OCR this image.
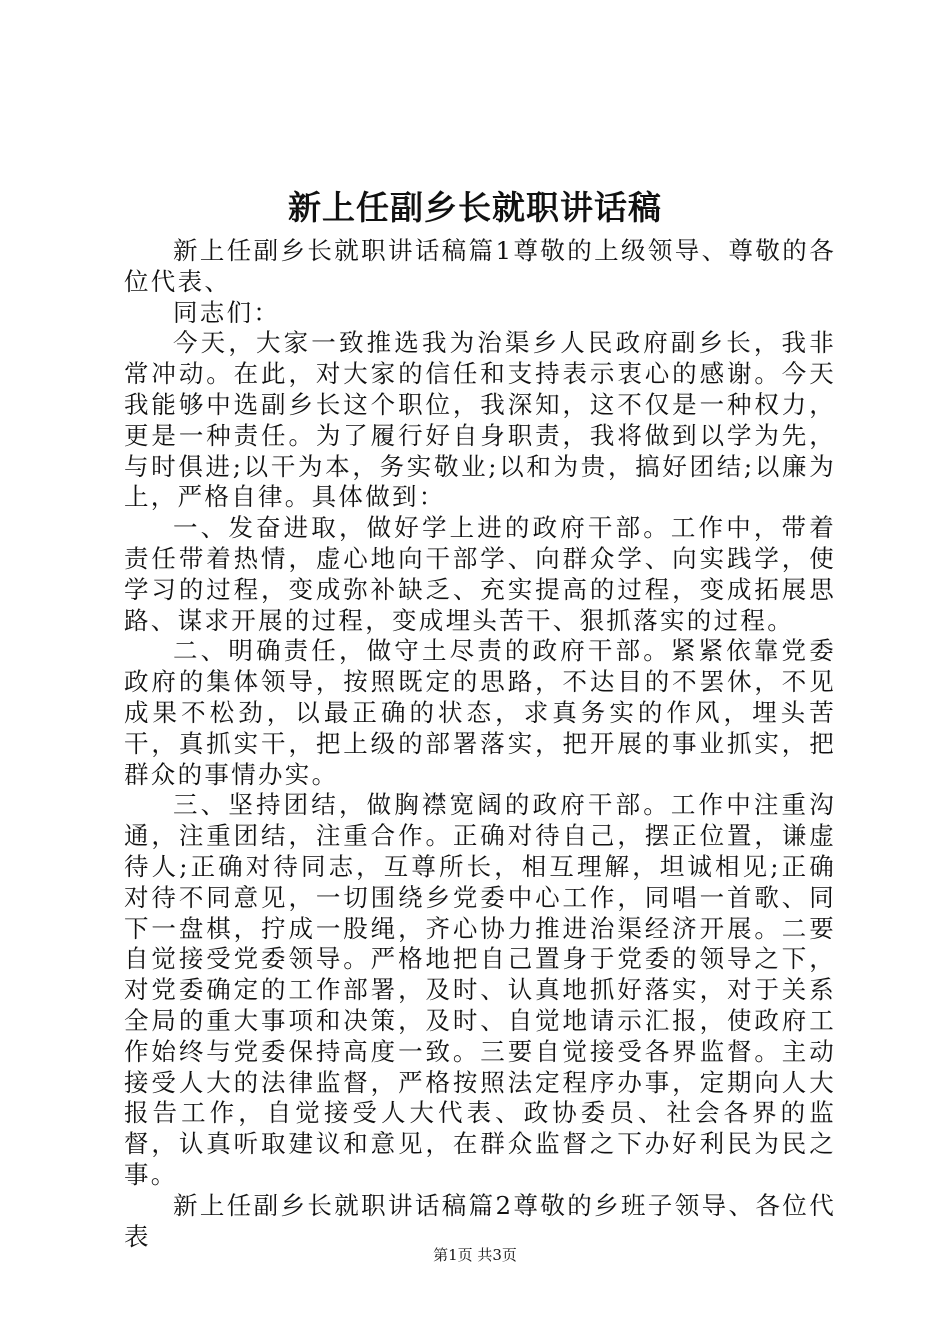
新上任副乡长就职讲话稿

新上任副乡长就职讲话稿篇1尊敬的上级领导、尊敬的各位代表、

同志们：

今天，大家一致推选我为治渠乡人民政府副乡长，我非常冲动。在此，对大家的信任和支持表示衷心的感谢。今天我能够中选副乡长这个职位，我深知，这不仅是一种权力，更是一种责任。为了履行好自身职责，我将做到以学为先，与时俱进;以干为本，务实敬业;以和为贵，搞好团结;以廉为上，严格自律。具体做到：

一、发奋进取，做好学上进的政府干部。工作中，带着责任带着热情，虚心地向干部学、向群众学、向实践学，使学习的过程，变成弥补缺乏、充实提高的过程，变成拓展思路、谋求开展的过程，变成埋头苦干、狠抓落实的过程。

二、明确责任，做守土尽责的政府干部。紧紧依靠党委政府的集体领导，按照既定的思路，不达目的不罢休，不见成果不松劲，以最正确的状态，求真务实的作风，埋头苦干，真抓实干，把上级的部署落实，把开展的事业抓实，把群众的事情办实。

三、坚持团结，做胸襟宽阔的政府干部。工作中注重沟通，注重团结，注重合作。正确对待自己，摆正位置，谦虚待人;正确对待同志，互尊所长，相互理解，坦诚相见;正确对待不同意见，一切围绕乡党委中心工作，同唱一首歌、同下一盘棋，拧成一股绳，齐心协力推进治渠经济开展。二要自觉接受党委领导。严格地把自己置身于党委的领导之下，对党委确定的工作部署，及时、认真地抓好落实，对于关系全局的重大事项和决策，及时、自觉地请示汇报，使政府工作始终与党委保持高度一致。三要自觉接受各界监督。主动接受人大的法律监督，严格按照法定程序办事，定期向人大报告工作，自觉接受人大代表、政协委员、社会各界的监督，认真听取建议和意见，在群众监督之下办好利民为民之事。

新上任副乡长就职讲话稿篇2尊敬的乡班子领导、各位代表

第1页 共3页
